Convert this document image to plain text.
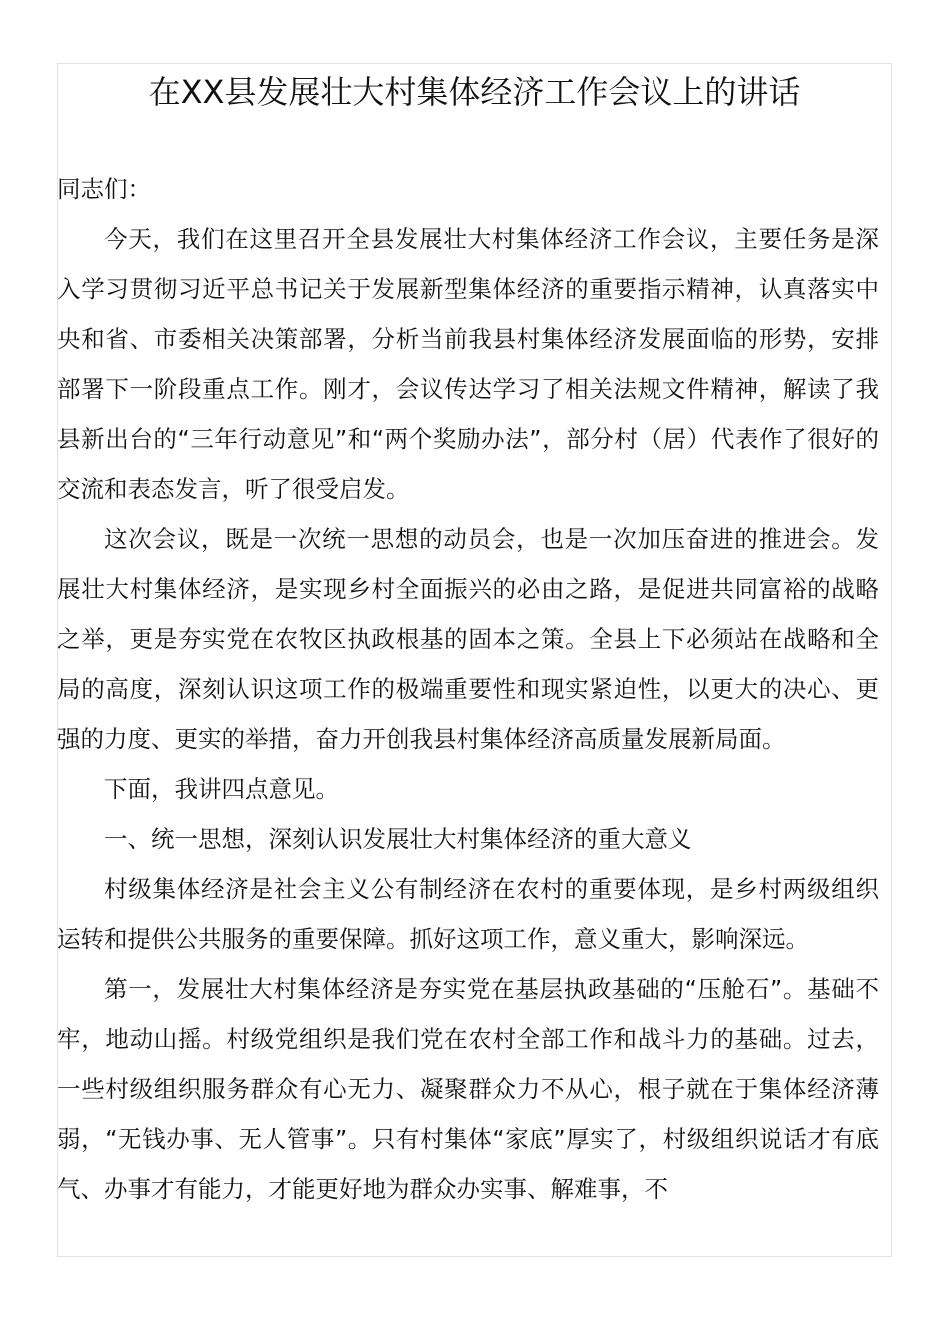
在XX县发展壮大村集体经济工作会议上的讲话

同志们：

今天，我们在这里召开全县发展壮大村集体经济工作会议，主要任务是深入学习贯彻习近平总书记关于发展新型集体经济的重要指示精神，认真落实中央和省、市委相关决策部署，分析当前我县村集体经济发展面临的形势，安排部署下一阶段重点工作。刚才，会议传达学习了相关法规文件精神，解读了我县新出台的“三年行动意见”和“两个奖励办法”，部分村（居）代表作了很好的交流和表态发言，听了很受启发。

这次会议，既是一次统一思想的动员会，也是一次加压奋进的推进会。发展壮大村集体经济，是实现乡村全面振兴的必由之路，是促进共同富裕的战略之举，更是夯实党在农牧区执政根基的固本之策。全县上下必须站在战略和全局的高度，深刻认识这项工作的极端重要性和现实紧迫性，以更大的决心、更强的力度、更实的举措，奋力开创我县村集体经济高质量发展新局面。

下面，我讲四点意见。

一、统一思想，深刻认识发展壮大村集体经济的重大意义

村级集体经济是社会主义公有制经济在农村的重要体现，是乡村两级组织运转和提供公共服务的重要保障。抓好这项工作，意义重大，影响深远。

第一，发展壮大村集体经济是夯实党在基层执政基础的“压舱石”。基础不牢，地动山摇。村级党组织是我们党在农村全部工作和战斗力的基础。过去，一些村级组织服务群众有心无力、凝聚群众力不从心，根子就在于集体经济薄弱，“无钱办事、无人管事”。只有村集体“家底”厚实了，村级组织说话才有底气、办事才有能力，才能更好地为群众办实事、解难事，不
